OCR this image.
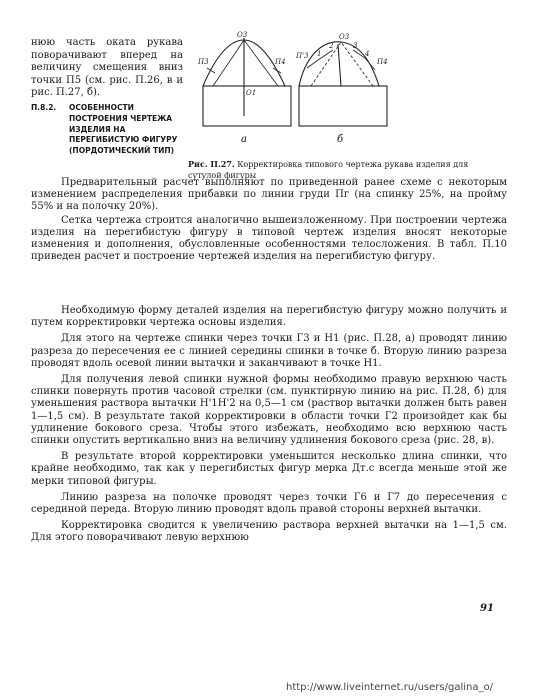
нюю часть оката рукава поворачивают вперед на величину смещения вниз точки П5 (см. рис. П.26, в и рис. П.27, б).
П.8.2. ОСОБЕННОСТИ ПОСТРОЕНИЯ ЧЕРТЕЖА ИЗДЕЛИЯ НА ПЕРЕГИБИСТУЮ ФИГУРУ (ПОРДОТИЧЕСКИЙ ТИП)
О3
П3	П4
О1
П'3
О3
П4
1
2	3
4
а	б
Рис. П.27. Корректировка типового чертежа рукава изделия для сутулой фигуры

Предварительный расчет выполняют по приведенной ранее схеме с некоторым изменением распределения прибавки по линии груди Пг (на спинку 25%, на пройму 55% и на полочку 20%).

Сетка чертежа строится аналогично вышеизложенному. При построении чертежа изделия на перегибистую фигуру в типовой чертеж изделия вносят некоторые изменения и дополнения, обусловленные особенностями телосложения. В табл. П.10 приведен расчет и построение чертежей изделия на перегибистую фигуру.

Необходимую форму деталей изделия на перегибистую фигуру можно получить и путем корректировки чертежа основы изделия.

Для этого на чертеже спинки через точки Г3 и Н1 (рис. П.28, а) проводят линию разреза до пересечения ее с линией середины спинки в точке б. Вторую линию разреза проводят вдоль осевой линии вытачки и заканчивают в точке Н1.

Для получения левой спинки нужной формы необходимо правую верхнюю часть спинки повернуть против часовой стрелки (см. пунктирную линию на рис. П.28, б) для уменьшения раствора вытачки Н'1Н'2 на 0,5—1 см (раствор вытачки должен быть равен 1—1,5 см). В результате такой корректировки в области точки Г2 произойдет как бы удлинение бокового среза. Чтобы этого избежать, необходимо всю верхнюю часть спинки опустить вертикально вниз на величину удлинения бокового среза (рис. 28, в).

В результате второй корректировки уменьшится несколько длина спинки, что крайне необходимо, так как у перегибистых фигур мерка Дт.с всегда меньше этой же мерки типовой фигуры.

Линию разреза на полочке проводят через точки Г6 и Г7 до пересечения с серединой переда. Вторую линию проводят вдоль правой стороны верхней вытачки.

Корректировка сводится к увеличению раствора верхней вытачки на 1—1,5 см. Для этого поворачивают левую верхнюю

91
http://www.liveinternet.ru/users/galina_o/
